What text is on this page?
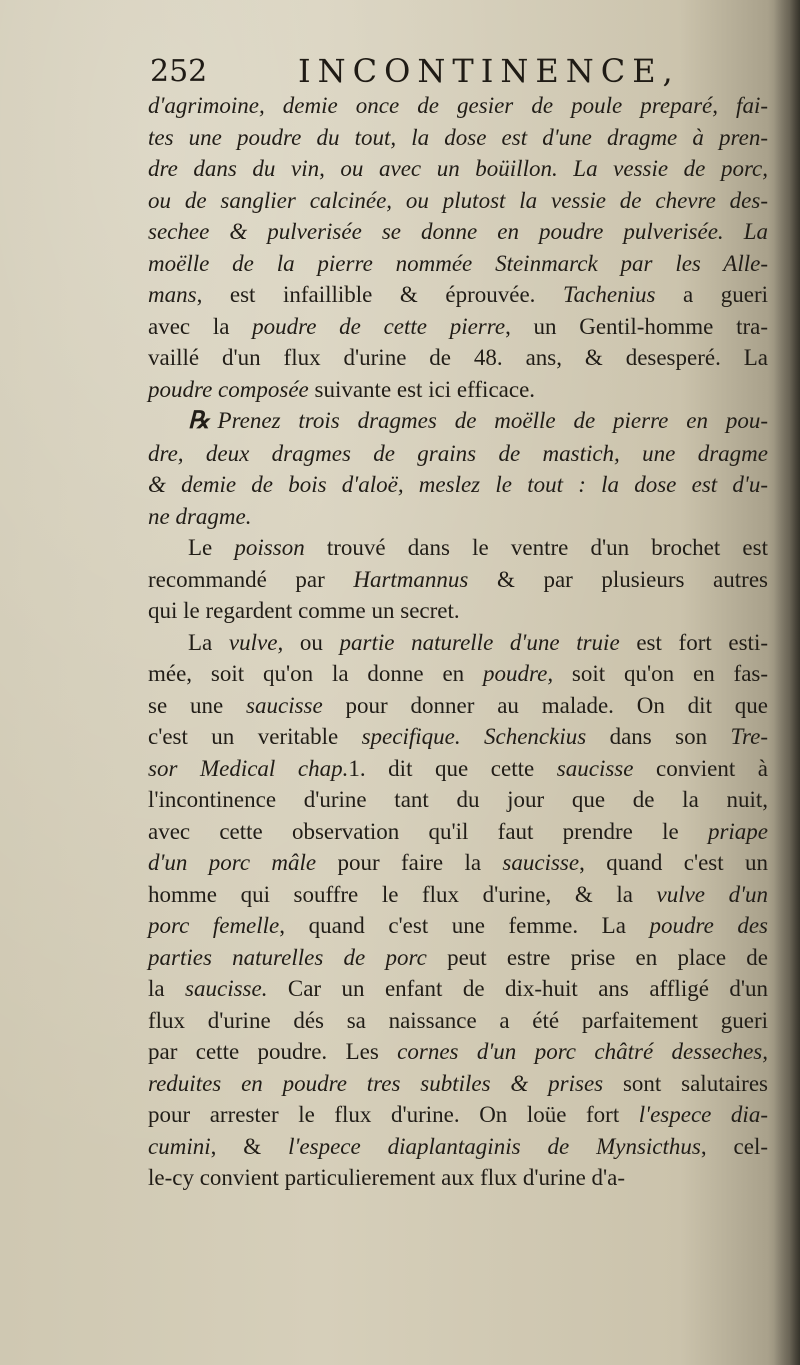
252	INCONTINENCE,
d'agrimoine, demie once de gesier de poule preparé, fai-
tes une poudre du tout, la dose est d'une dragme à pren-
dre dans du vin, ou avec un boüillon. La vessie de porc,
ou de sanglier calcinée, ou plutost la vessie de chevre des-
sechee & pulverisée se donne en poudre pulverisée. La
moëlle de la pierre nommée Steinmarck par les Alle-
mans, est infaillible & éprouvée. Tachenius a gueri
avec la poudre de cette pierre, un Gentil-homme tra-
vaillé d'un flux d'urine de 48. ans, & desesperé. La
poudre composée suivante est ici efficace.
℞ Prenez trois dragmes de moëlle de pierre en pou-
dre, deux dragmes de grains de mastich, une dragme
& demie de bois d'aloë, meslez le tout : la dose est d'u-
ne dragme.
Le poisson trouvé dans le ventre d'un brochet est
recommandé par Hartmannus & par plusieurs autres
qui le regardent comme un secret.
La vulve, ou partie naturelle d'une truie est fort esti-
mée, soit qu'on la donne en poudre, soit qu'on en fas-
se une saucisse pour donner au malade. On dit que
c'est un veritable specifique. Schenckius dans son Tre-
sor Medical chap.1. dit que cette saucisse convient à
l'incontinence d'urine tant du jour que de la nuit,
avec cette observation qu'il faut prendre le priape
d'un porc mâle pour faire la saucisse, quand c'est un
homme qui souffre le flux d'urine, & la vulve d'un
porc femelle, quand c'est une femme. La poudre des
parties naturelles de porc peut estre prise en place de
la saucisse. Car un enfant de dix-huit ans affligé d'un
flux d'urine dés sa naissance a été parfaitement gueri
par cette poudre. Les cornes d'un porc châtré desseches,
reduites en poudre tres subtiles & prises sont salutaires
pour arrester le flux d'urine. On loüe fort l'espece dia-
cumini, & l'espece diaplantaginis de Mynsicthus, cel-
le-cy convient particulierement aux flux d'urine d'a-
